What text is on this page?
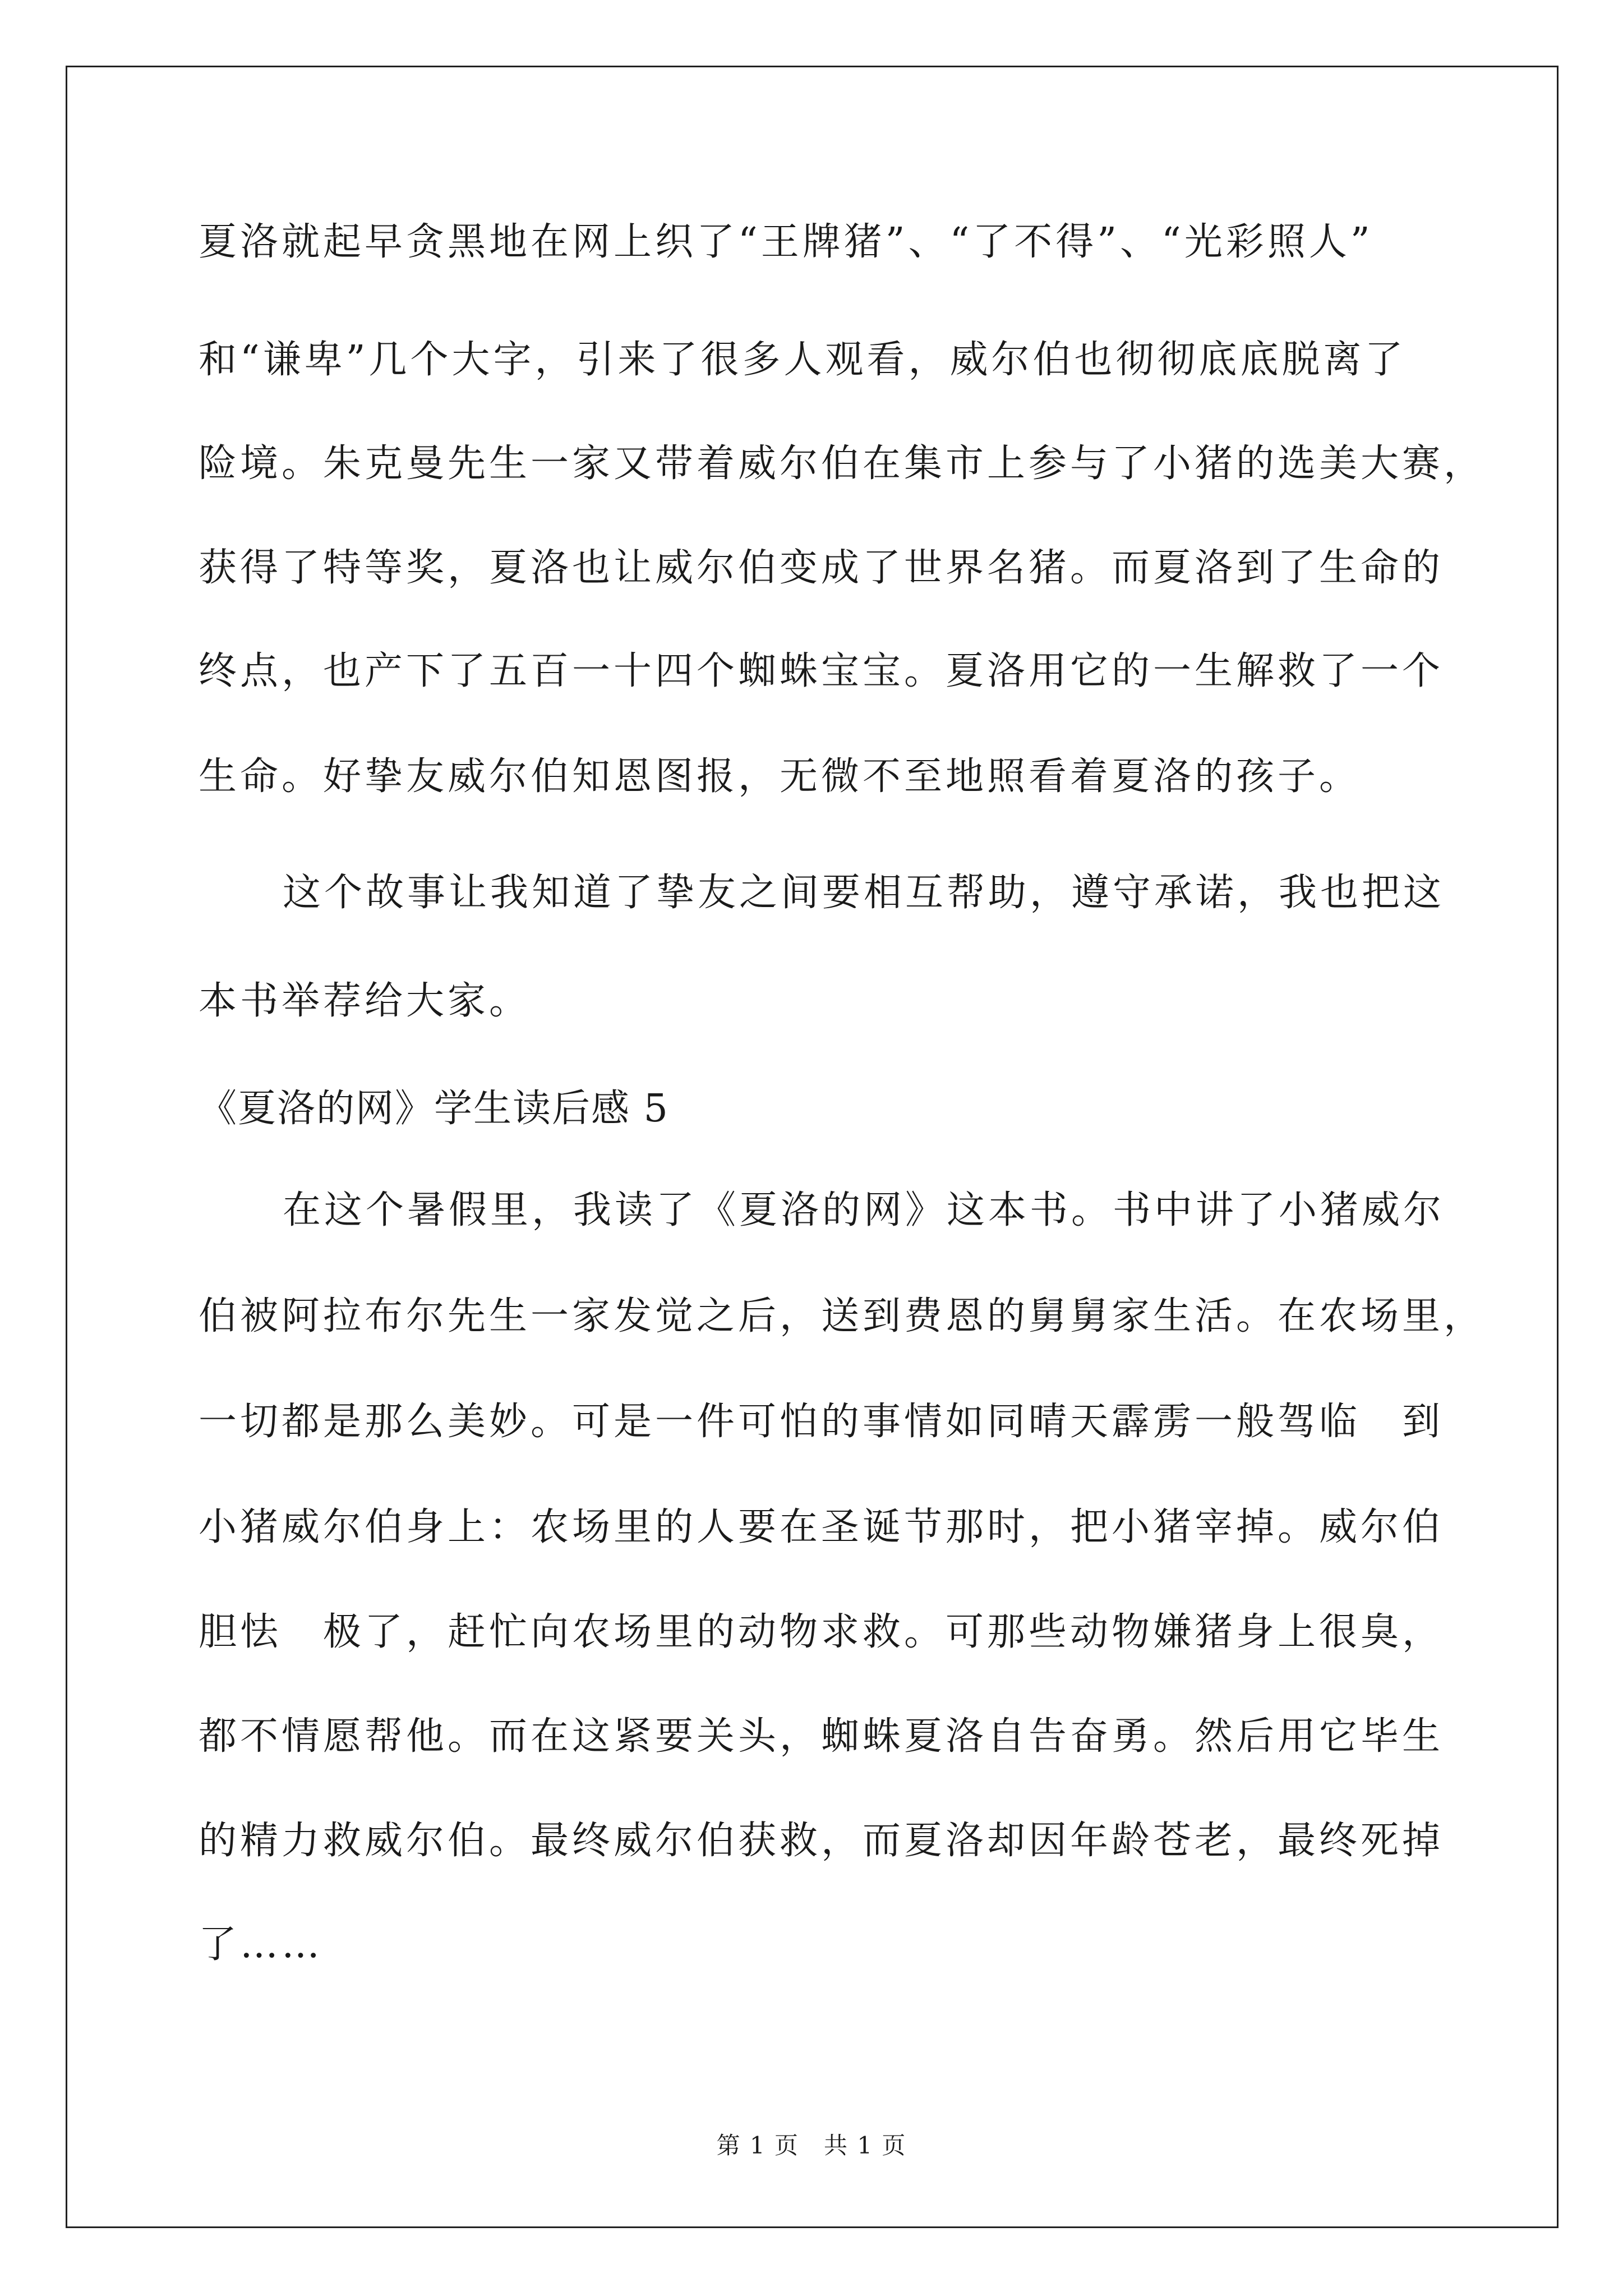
夏洛就起早贪黑地在网上织了“王牌猪”、“了不得”、“光彩照人”
和“谦卑”几个大字，引来了很多人观看，威尔伯也彻彻底底脱离了
险境。朱克曼先生一家又带着威尔伯在集市上参与了小猪的选美大赛，
获得了特等奖，夏洛也让威尔伯变成了世界名猪。而夏洛到了生命的
终点，也产下了五百一十四个蜘蛛宝宝。夏洛用它的一生解救了一个
生命。好挚友威尔伯知恩图报，无微不至地照看着夏洛的孩子。
这个故事让我知道了挚友之间要相互帮助，遵守承诺，我也把这
本书举荐给大家。
《夏洛的网》学生读后感 5
在这个暑假里，我读了《夏洛的网》这本书。书中讲了小猪威尔
伯被阿拉布尔先生一家发觉之后，送到费恩的舅舅家生活。在农场里，
一切都是那么美妙。可是一件可怕的事情如同晴天霹雳一般驾临　到
小猪威尔伯身上：农场里的人要在圣诞节那时，把小猪宰掉。威尔伯
胆怯　极了，赶忙向农场里的动物求救。可那些动物嫌猪身上很臭，
都不情愿帮他。而在这紧要关头，蜘蛛夏洛自告奋勇。然后用它毕生
的精力救威尔伯。最终威尔伯获救，而夏洛却因年龄苍老，最终死掉
了……
第 1 页　共 1 页
